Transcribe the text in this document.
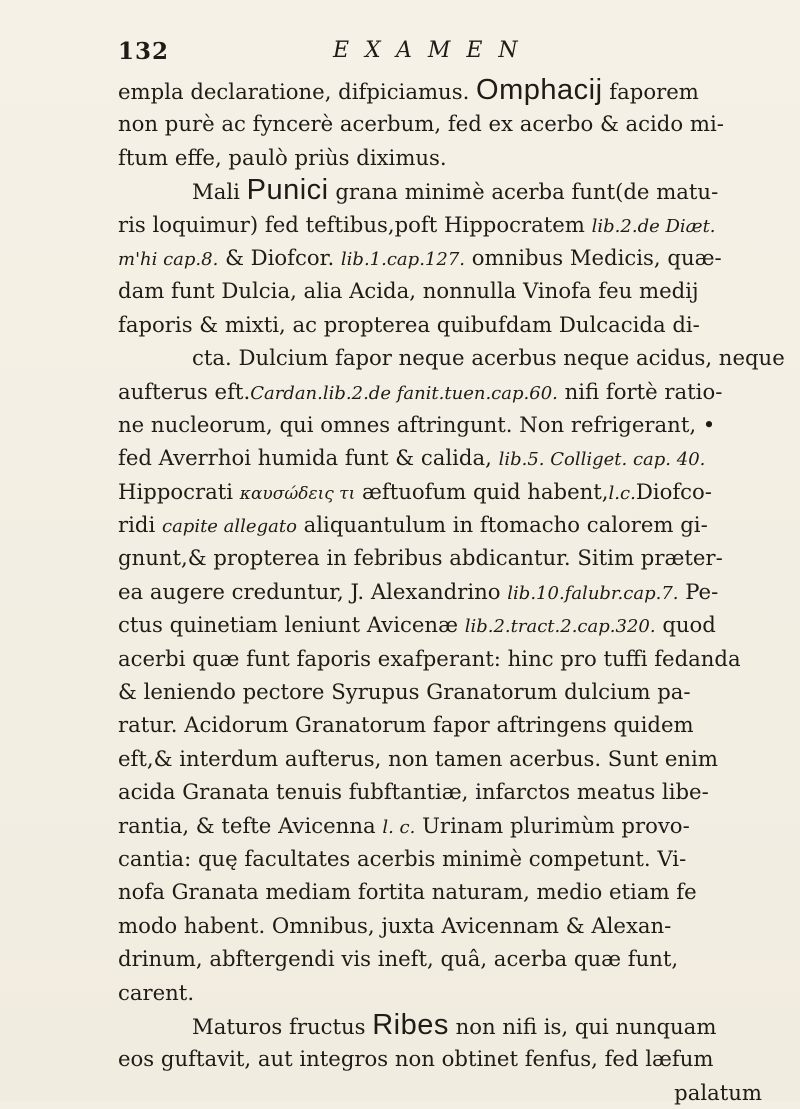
132	EXAMEN
empla declaratione, difpiciamus. Omphacij faporem
non purè ac fyncerè acerbum, fed ex acerbo & acido mi-
ftum effe, paulò priùs diximus.
Mali Punici grana minimè acerba funt(de matu-
ris loquimur) fed teftibus,poft Hippocratem lib.2.de Diæt.
m'hi cap.8. & Diofcor. lib.1.cap.127. omnibus Medicis, quæ-
dam funt Dulcia, alia Acida, nonnulla Vinofa feu medij
faporis & mixti, ac propterea quibufdam Dulcacida di-
cta. Dulcium fapor neque acerbus neque acidus, neque
aufterus eft.Cardan.lib.2.de fanit.tuen.cap.60. nifi fortè ratio-
ne nucleorum, qui omnes aftringunt. Non refrigerant, •
fed Averrhoi humida funt & calida, lib.5. Colliget. cap. 40.
Hippocrati καυσώδεις τι æftuofum quid habent,l.c.Diofco-
ridi capite allegato aliquantulum in ftomacho calorem gi-
gnunt,& propterea in febribus abdicantur. Sitim præter-
ea augere creduntur, J. Alexandrino lib.10.falubr.cap.7. Pe-
ctus quinetiam leniunt Avicenæ lib.2.tract.2.cap.320. quod
acerbi quæ funt faporis exafperant: hinc pro tuffi fedanda
& leniendo pectore Syrupus Granatorum dulcium pa-
ratur. Acidorum Granatorum fapor aftringens quidem
eft,& interdum aufterus, non tamen acerbus. Sunt enim
acida Granata tenuis fubftantiæ, infarctos meatus libe-
rantia, & tefte Avicenna l. c. Urinam plurimùm provo-
cantia: quę facultates acerbis minimè competunt. Vi-
nofa Granata mediam fortita naturam, medio etiam fe
modo habent. Omnibus, juxta Avicennam & Alexan-
drinum, abftergendi vis ineft, quâ, acerba quæ funt,
carent.
Maturos fructus Ribes non nifi is, qui nunquam
eos guftavit, aut integros non obtinet fenfus, fed læfum
palatum
